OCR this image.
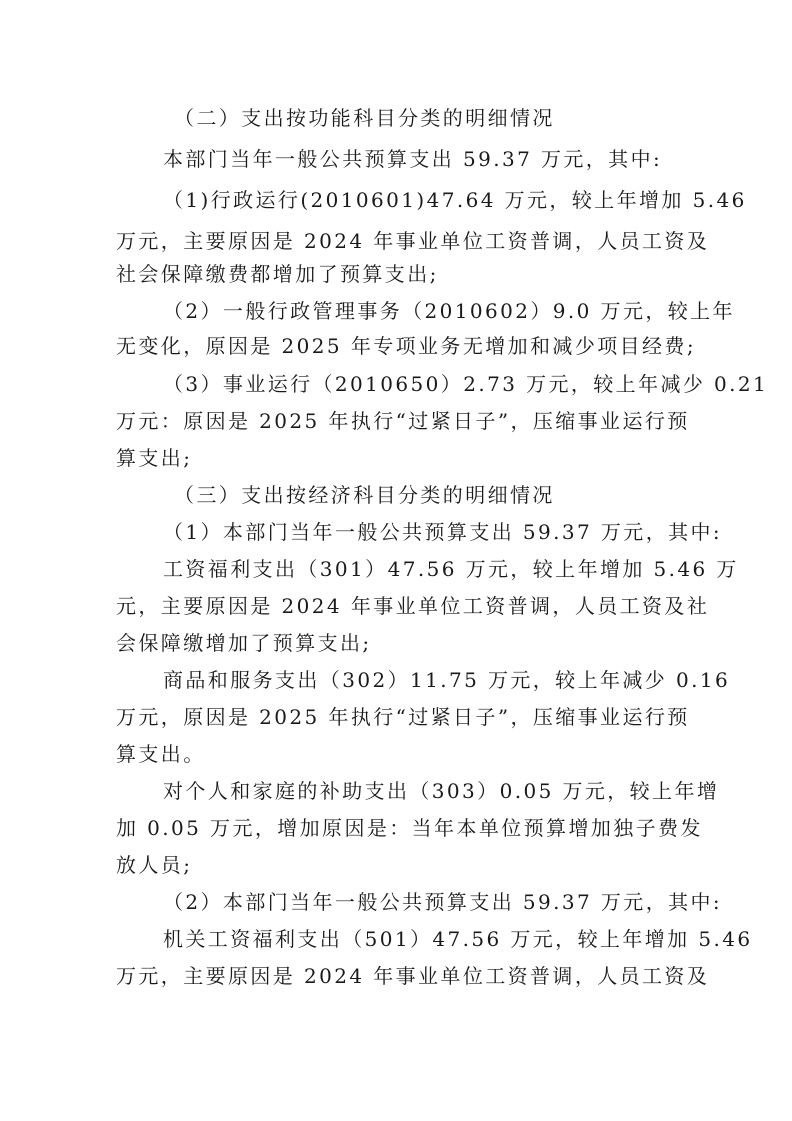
（二）支出按功能科目分类的明细情况
本部门当年一般公共预算支出 59.37 万元，其中:
（1)行政运行(2010601)47.64 万元，较上年增加 5.46
万元，主要原因是 2024 年事业单位工资普调，人员工资及
社会保障缴费都增加了预算支出;
（2）一般行政管理事务（2010602）9.0 万元，较上年
无变化，原因是 2025 年专项业务无增加和减少项目经费;
（3）事业运行（2010650）2.73 万元，较上年减少 0.21
万元：原因是 2025 年执行“过紧日子”，压缩事业运行预
算支出;
（三）支出按经济科目分类的明细情况
（1）本部门当年一般公共预算支出 59.37 万元，其中:
工资福利支出（301）47.56 万元，较上年增加 5.46 万
元，主要原因是 2024 年事业单位工资普调，人员工资及社
会保障缴增加了预算支出;
商品和服务支出（302）11.75 万元，较上年减少 0.16
万元，原因是 2025 年执行“过紧日子”，压缩事业运行预
算支出。
对个人和家庭的补助支出（303）0.05 万元，较上年增
加 0.05 万元，增加原因是：当年本单位预算增加独子费发
放人员;
（2）本部门当年一般公共预算支出 59.37 万元，其中:
机关工资福利支出（501）47.56 万元，较上年增加 5.46
万元，主要原因是 2024 年事业单位工资普调，人员工资及
